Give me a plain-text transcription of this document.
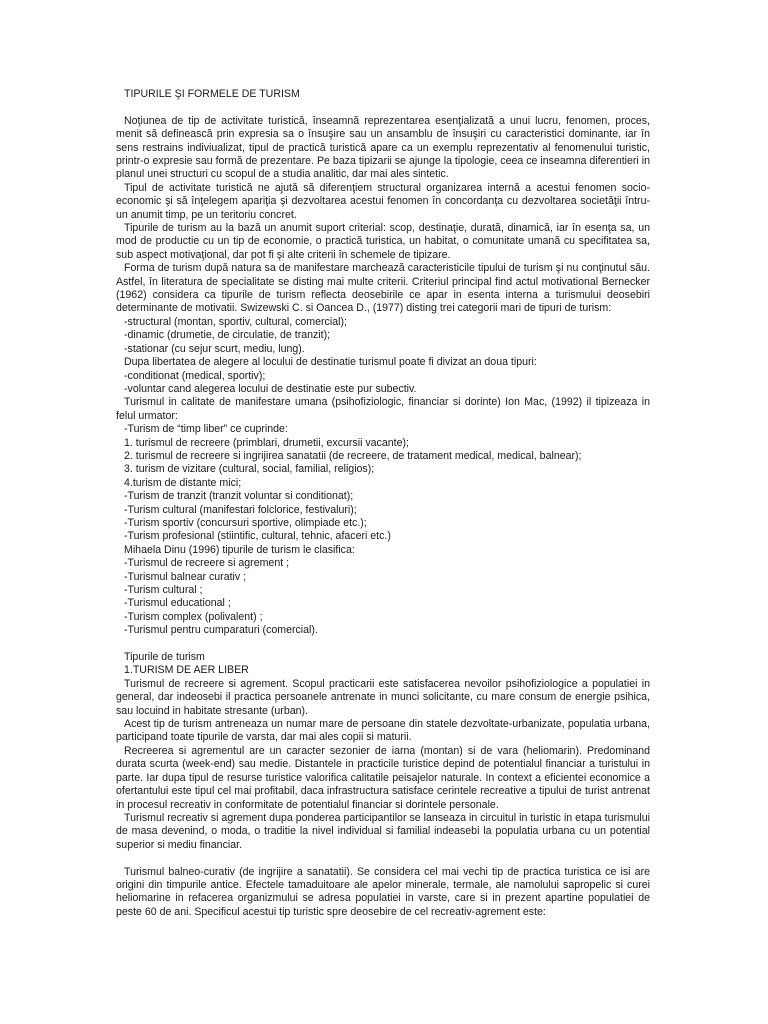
TIPURILE ŞI FORMELE DE TURISM

Noţiunea de tip de activitate turistică, înseamnă reprezentarea esenţializată a unui lucru, fenomen, proces, menit să definească prin expresia sa o însuşire sau un ansamblu de însuşiri cu caracteristici dominante, iar în sens restrains indiviualizat, tipul de practică turistică apare ca un exemplu reprezentativ al fenomenului turistic, printr-o expresie sau formă de prezentare. Pe baza tipizarii se ajunge la tipologie, ceea ce inseamna diferentieri in planul unei structuri cu scopul de a studia analitic, dar mai ales sintetic.

Tipul de activitate turistică ne ajută să diferenţiem structural organizarea internă a acestui fenomen socio-economic şi să înţelegem apariţia şi dezvoltarea acestui fenomen în concordanţa cu dezvoltarea societăţii întru-un anumit timp, pe un teritoriu concret.

Tipurile de turism au la bază un anumit suport criterial: scop, destinaţie, durată, dinamică, iar în esenţa sa, un mod de productie cu un tip de economie, o practică turistica, un habitat, o comunitate umană cu specifitatea sa, sub aspect motivaţional, dar pot fi şi alte criterii în schemele de tipizare.

Forma de turism după natura sa de manifestare marchează caracteristicile tipului de turism şi nu conţinutul său. Astfel, în literatura de specialitate se disting mai multe criterii. Criteriul principal find actul motivational Bernecker (1962) considera ca tipurile de turism reflecta deosebirile ce apar in esenta interna a turismului deosebiri determinante de motivatii. Swizewski C. si Oancea D., (1977) disting trei categorii mari de tipuri de turism:

-structural (montan, sportiv, cultural, comercial);
-dinamic (drumetie, de circulatie, de tranzit);
-stationar (cu sejur scurt, mediu, lung).
Dupa libertatea de alegere al locului de destinatie turismul poate fi divizat an doua tipuri:
-conditionat (medical, sportiv);
-voluntar cand alegerea locului de destinatie este pur subectiv.

Turismul in calitate de manifestare umana (psihofiziologic, financiar si dorinte) Ion Mac, (1992) il tipizeaza in felul urmator:

-Turism de “timp liber” ce cuprinde:
1. turismul de recreere (primblari, drumetii, excursii vacante);
2. turismul de recreere si ingrijirea sanatatii (de recreere, de tratament medical, medical, balnear);
3. turism de vizitare (cultural, social, familial, religios);
4.turism de distante mici;
-Turism de tranzit (tranzit voluntar si conditionat);
-Turism cultural (manifestari folclorice, festivaluri);
-Turism sportiv (concursuri sportive, olimpiade etc.);
-Turism profesional (stiintific, cultural, tehnic, afaceri etc.)
Mihaela Dinu (1996) tipurile de turism le clasifica:
-Turismul de recreere si agrement ;
-Turismul balnear curativ ;
-Turism cultural ;
-Turismul educational ;
-Turism complex (polivalent) ;
-Turismul pentru cumparaturi (comercial).
Tipurile de turism
1.TURISM DE AER LIBER

Turismul de recreere si agrement. Scopul practicarii este satisfacerea nevoilor psihofiziologice a populatiei in general, dar indeosebi il practica persoanele antrenate in munci solicitante, cu mare consum de energie psihica, sau locuind in habitate stresante (urban).

Acest tip de turism antreneaza un numar mare de persoane din statele dezvoltate-urbanizate, populatia urbana, participand toate tipurile de varsta, dar mai ales copii si maturii.

Recreerea si agrementul are un caracter sezonier de iarna (montan) si de vara (heliomarin). Predominand durata scurta (week-end) sau medie. Distantele in practicile turistice depind de potentialul financiar a turistului in parte. Iar dupa tipul de resurse turistice valorifica calitatile peisajelor naturale. In context a eficientei economice a ofertantului este tipul cel mai profitabil, daca infrastructura satisface cerintele recreative a tipului de turist antrenat in procesul recreativ in conformitate de potentialul financiar si dorintele personale.

Turismul recreativ si agrement dupa ponderea participantilor se lanseaza in circuitul in turistic in etapa turismului de masa devenind, o moda, o traditie la nivel individual si familial indeasebi la populatia urbana cu un potential superior si mediu financiar.

Turismul balneo-curativ (de ingrijire a sanatatii). Se considera cel mai vechi tip de practica turistica ce isi are origini din timpurile antice. Efectele tamaduitoare ale apelor minerale, termale, ale namolului sapropelic si curei heliomarine in refacerea organizmului se adresa populatiei in varste, care si in prezent apartine populatiei de peste 60 de ani. Specificul acestui tip turistic spre deosebire de cel recreativ-agrement este:
